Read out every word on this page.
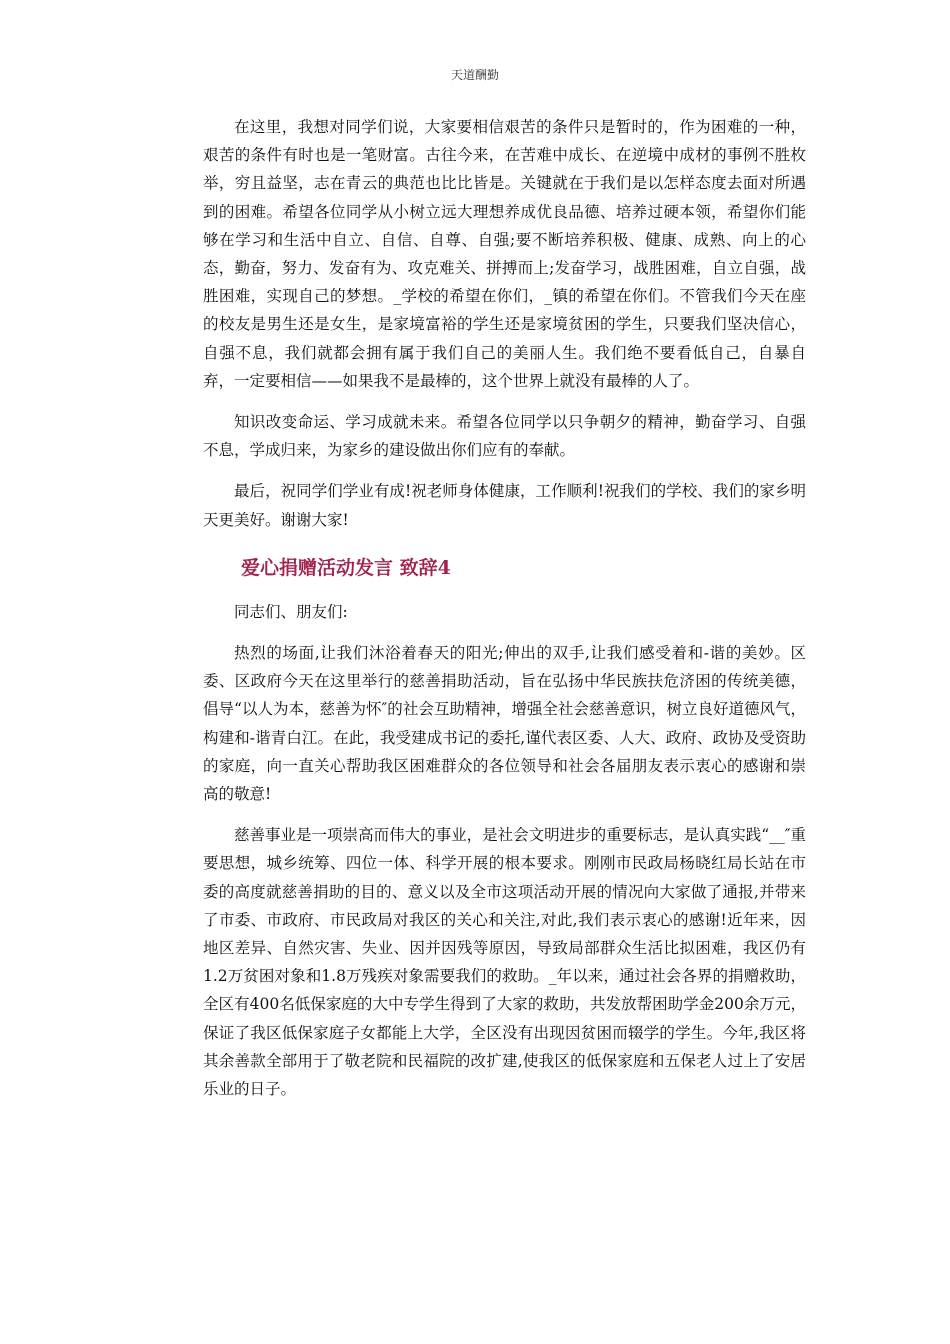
天道酬勤

在这里，我想对同学们说，大家要相信艰苦的条件只是暂时的，作为困难的一种，艰苦的条件有时也是一笔财富。古往今来，在苦难中成长、在逆境中成材的事例不胜枚举，穷且益坚，志在青云的典范也比比皆是。关键就在于我们是以怎样态度去面对所遇到的困难。希望各位同学从小树立远大理想养成优良品德、培养过硬本领，希望你们能够在学习和生活中自立、自信、自尊、自强;要不断培养积极、健康、成熟、向上的心态，勤奋，努力、发奋有为、攻克难关、拼搏而上;发奋学习，战胜困难，自立自强，战胜困难，实现自己的梦想。_学校的希望在你们，_镇的希望在你们。不管我们今天在座的校友是男生还是女生，是家境富裕的学生还是家境贫困的学生，只要我们坚决信心，自强不息，我们就都会拥有属于我们自己的美丽人生。我们绝不要看低自己，自暴自弃，一定要相信——如果我不是最棒的，这个世界上就没有最棒的人了。

知识改变命运、学习成就未来。希望各位同学以只争朝夕的精神，勤奋学习、自强不息，学成归来，为家乡的建设做出你们应有的奉献。

最后，祝同学们学业有成!祝老师身体健康，工作顺利!祝我们的学校、我们的家乡明天更美好。谢谢大家!

爱心捐赠活动发言 致辞4

同志们、朋友们:

热烈的场面,让我们沐浴着春天的阳光;伸出的双手,让我们感受着和-谐的美妙。区委、区政府今天在这里举行的慈善捐助活动，旨在弘扬中华民族扶危济困的传统美德，倡导“以人为本，慈善为怀″的社会互助精神，增强全社会慈善意识，树立良好道德风气，构建和-谐青白江。在此，我受建成书记的委托,谨代表区委、人大、政府、政协及受资助的家庭，向一直关心帮助我区困难群众的各位领导和社会各届朋友表示衷心的感谢和崇高的敬意!

慈善事业是一项崇高而伟大的事业，是社会文明进步的重要标志，是认真实践“__″重要思想，城乡统筹、四位一体、科学开展的根本要求。刚刚市民政局杨晓红局长站在市委的高度就慈善捐助的目的、意义以及全市这项活动开展的情况向大家做了通报,并带来了市委、市政府、市民政局对我区的关心和关注,对此,我们表示衷心的感谢!近年来，因地区差异、自然灾害、失业、因并因残等原因，导致局部群众生活比拟困难，我区仍有1.2万贫困对象和1.8万残疾对象需要我们的救助。_年以来，通过社会各界的捐赠救助，全区有400名低保家庭的大中专学生得到了大家的救助，共发放帮困助学金200余万元，保证了我区低保家庭子女都能上大学，全区没有出现因贫困而辍学的学生。今年,我区将其余善款全部用于了敬老院和民福院的改扩建,使我区的低保家庭和五保老人过上了安居乐业的日子。
